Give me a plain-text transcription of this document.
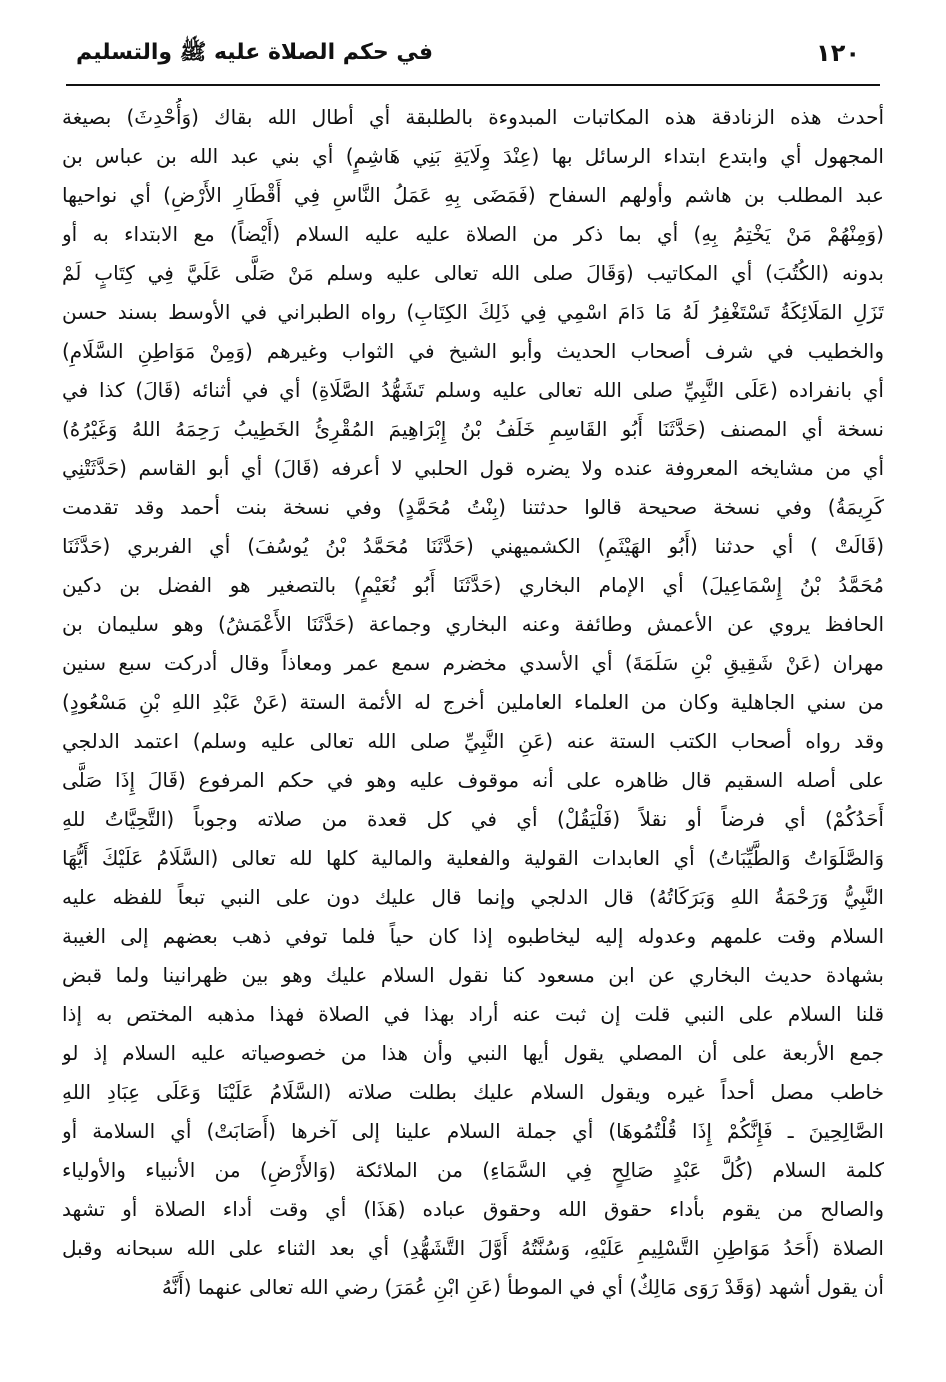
١٢٠
في حكم الصلاة عليه ﷺ والتسليم
أحدث هذه الزنادقة هذه المكاتبات المبدوءة بالطلبقة أي أطال الله بقاك (وَأُحْدِثَ) بصيغة
المجهول أي وابتدع ابتداء الرسائل بها (عِنْدَ وِلَايَةِ بَنِي هَاشِمٍ) أي بني عبد الله بن عباس بن
عبد المطلب بن هاشم وأولهم السفاح (فَمَضَى بِهِ عَمَلُ النَّاسِ فِي أَقْطَارِ الأَرْضِ) أي نواحيها
(وَمِنْهُمْ مَنْ يَخْتِمُ بِهِ) أي بما ذكر من الصلاة عليه عليه السلام (أَيْضاً) مع الابتداء به أو
بدونه (الكُتُبَ) أي المكاتيب (وَقَالَ صلى الله تعالى عليه وسلم مَنْ صَلَّى عَلَيَّ فِي كِتَابٍ لَمْ
تَزَلِ المَلَائِكَةُ تَسْتَغْفِرُ لَهُ مَا دَامَ اسْمِي فِي ذَلِكَ الكِتَابِ) رواه الطبراني في الأوسط بسند حسن
والخطيب في شرف أصحاب الحديث وأبو الشيخ في الثواب وغيرهم (وَمِنْ مَوَاطِنِ السَّلَامِ)
أي بانفراده (عَلَى النَّبِيِّ صلى الله تعالى عليه وسلم تَشَهُّدُ الصَّلَاةِ) أي في أثنائه (قَالَ) كذا في
نسخة أي المصنف (حَدَّثَنَا أَبُو القَاسِمِ خَلَفُ بْنُ إِبْرَاهِيمَ المُقْرِئُ الخَطِيبُ رَحِمَهُ اللهُ وَغَيْرُهُ)
أي من مشايخه المعروفة عنده ولا يضره قول الحلبي لا أعرفه (قَالَ) أي أبو القاسم (حَدَّثَتْنِي
كَرِيمَةُ) وفي نسخة صحيحة قالوا حدثتنا (بِنْتُ مُحَمَّدٍ) وفي نسخة بنت أحمد وقد تقدمت
(قَالَتْ ) أي حدثنا (أَبُو الهَيْثَمِ) الكشميهني (حَدَّثَنَا مُحَمَّدُ بْنُ يُوسُفَ) أي الفربري (حَدَّثَنَا
مُحَمَّدُ بْنُ إِسْمَاعِيلَ) أي الإمام البخاري (حَدَّثَنَا أَبُو نُعَيْمٍ) بالتصغير هو الفضل بن دكين
الحافظ يروي عن الأعمش وطائفة وعنه البخاري وجماعة (حَدَّثَنَا الأَعْمَشُ) وهو سليمان بن
مهران (عَنْ شَقِيقِ بْنِ سَلَمَةَ) أي الأسدي مخضرم سمع عمر ومعاذاً وقال أدركت سبع سنين
من سني الجاهلية وكان من العلماء العاملين أخرج له الأئمة الستة (عَنْ عَبْدِ اللهِ بْنِ مَسْعُودٍ)
وقد رواه أصحاب الكتب الستة عنه (عَنِ النَّبِيِّ صلى الله تعالى عليه وسلم) اعتمد الدلجي
على أصله السقيم قال ظاهره على أنه موقوف عليه وهو في حكم المرفوع (قَالَ إِذَا صَلَّى
أَحَدُكُمْ) أي فرضاً أو نقلاً (فَلْيَقُلْ) أي في كل قعدة من صلاته وجوباً (التَّحِيَّاتُ للهِ
وَالصَّلَوَاتُ وَالطَّيِّبَاتُ) أي العابدات القولية والفعلية والمالية كلها لله تعالى (السَّلَامُ عَلَيْكَ أَيُّهَا
النَّبِيُّ وَرَحْمَةُ اللهِ وَبَرَكَاتُهُ) قال الدلجي وإنما قال عليك دون على النبي تبعاً للفظه عليه
السلام وقت علمهم وعدوله إليه ليخاطبوه إذا كان حياً فلما توفي ذهب بعضهم إلى الغيبة
بشهادة حديث البخاري عن ابن مسعود كنا نقول السلام عليك وهو بين ظهرانينا ولما قبض
قلنا السلام على النبي قلت إن ثبت عنه أراد بهذا في الصلاة فهذا مذهبه المختص به إذا
جمع الأربعة على أن المصلي يقول أيها النبي وأن هذا من خصوصياته عليه السلام إذ لو
خاطب مصل أحداً غيره ويقول السلام عليك بطلت صلاته (السَّلَامُ عَلَيْنَا وَعَلَى عِبَادِ اللهِ
الصَّالِحِينَ ـ فَإِنَّكُمْ إِذَا قُلْتُمُوهَا) أي جملة السلام علينا إلى آخرها (أَصَابَتْ) أي السلامة أو
كلمة السلام (كُلَّ عَبْدٍ صَالِحٍ فِي السَّمَاءِ) من الملائكة (وَالأَرْضِ) من الأنبياء والأولياء
والصالح من يقوم بأداء حقوق الله وحقوق عباده (هَذَا) أي وقت أداء الصلاة أو تشهد
الصلاة (أَحَدُ مَوَاطِنِ التَّسْلِيمِ عَلَيْهِ، وَسُنَّتُهُ أَوَّلَ التَّشَهُّدِ) أي بعد الثناء على الله سبحانه وقبل
أن يقول أشهد (وَقَدْ رَوَى مَالِكٌ) أي في الموطأ (عَنِ ابْنِ عُمَرَ) رضي الله تعالى عنهما (أَنَّهُ
